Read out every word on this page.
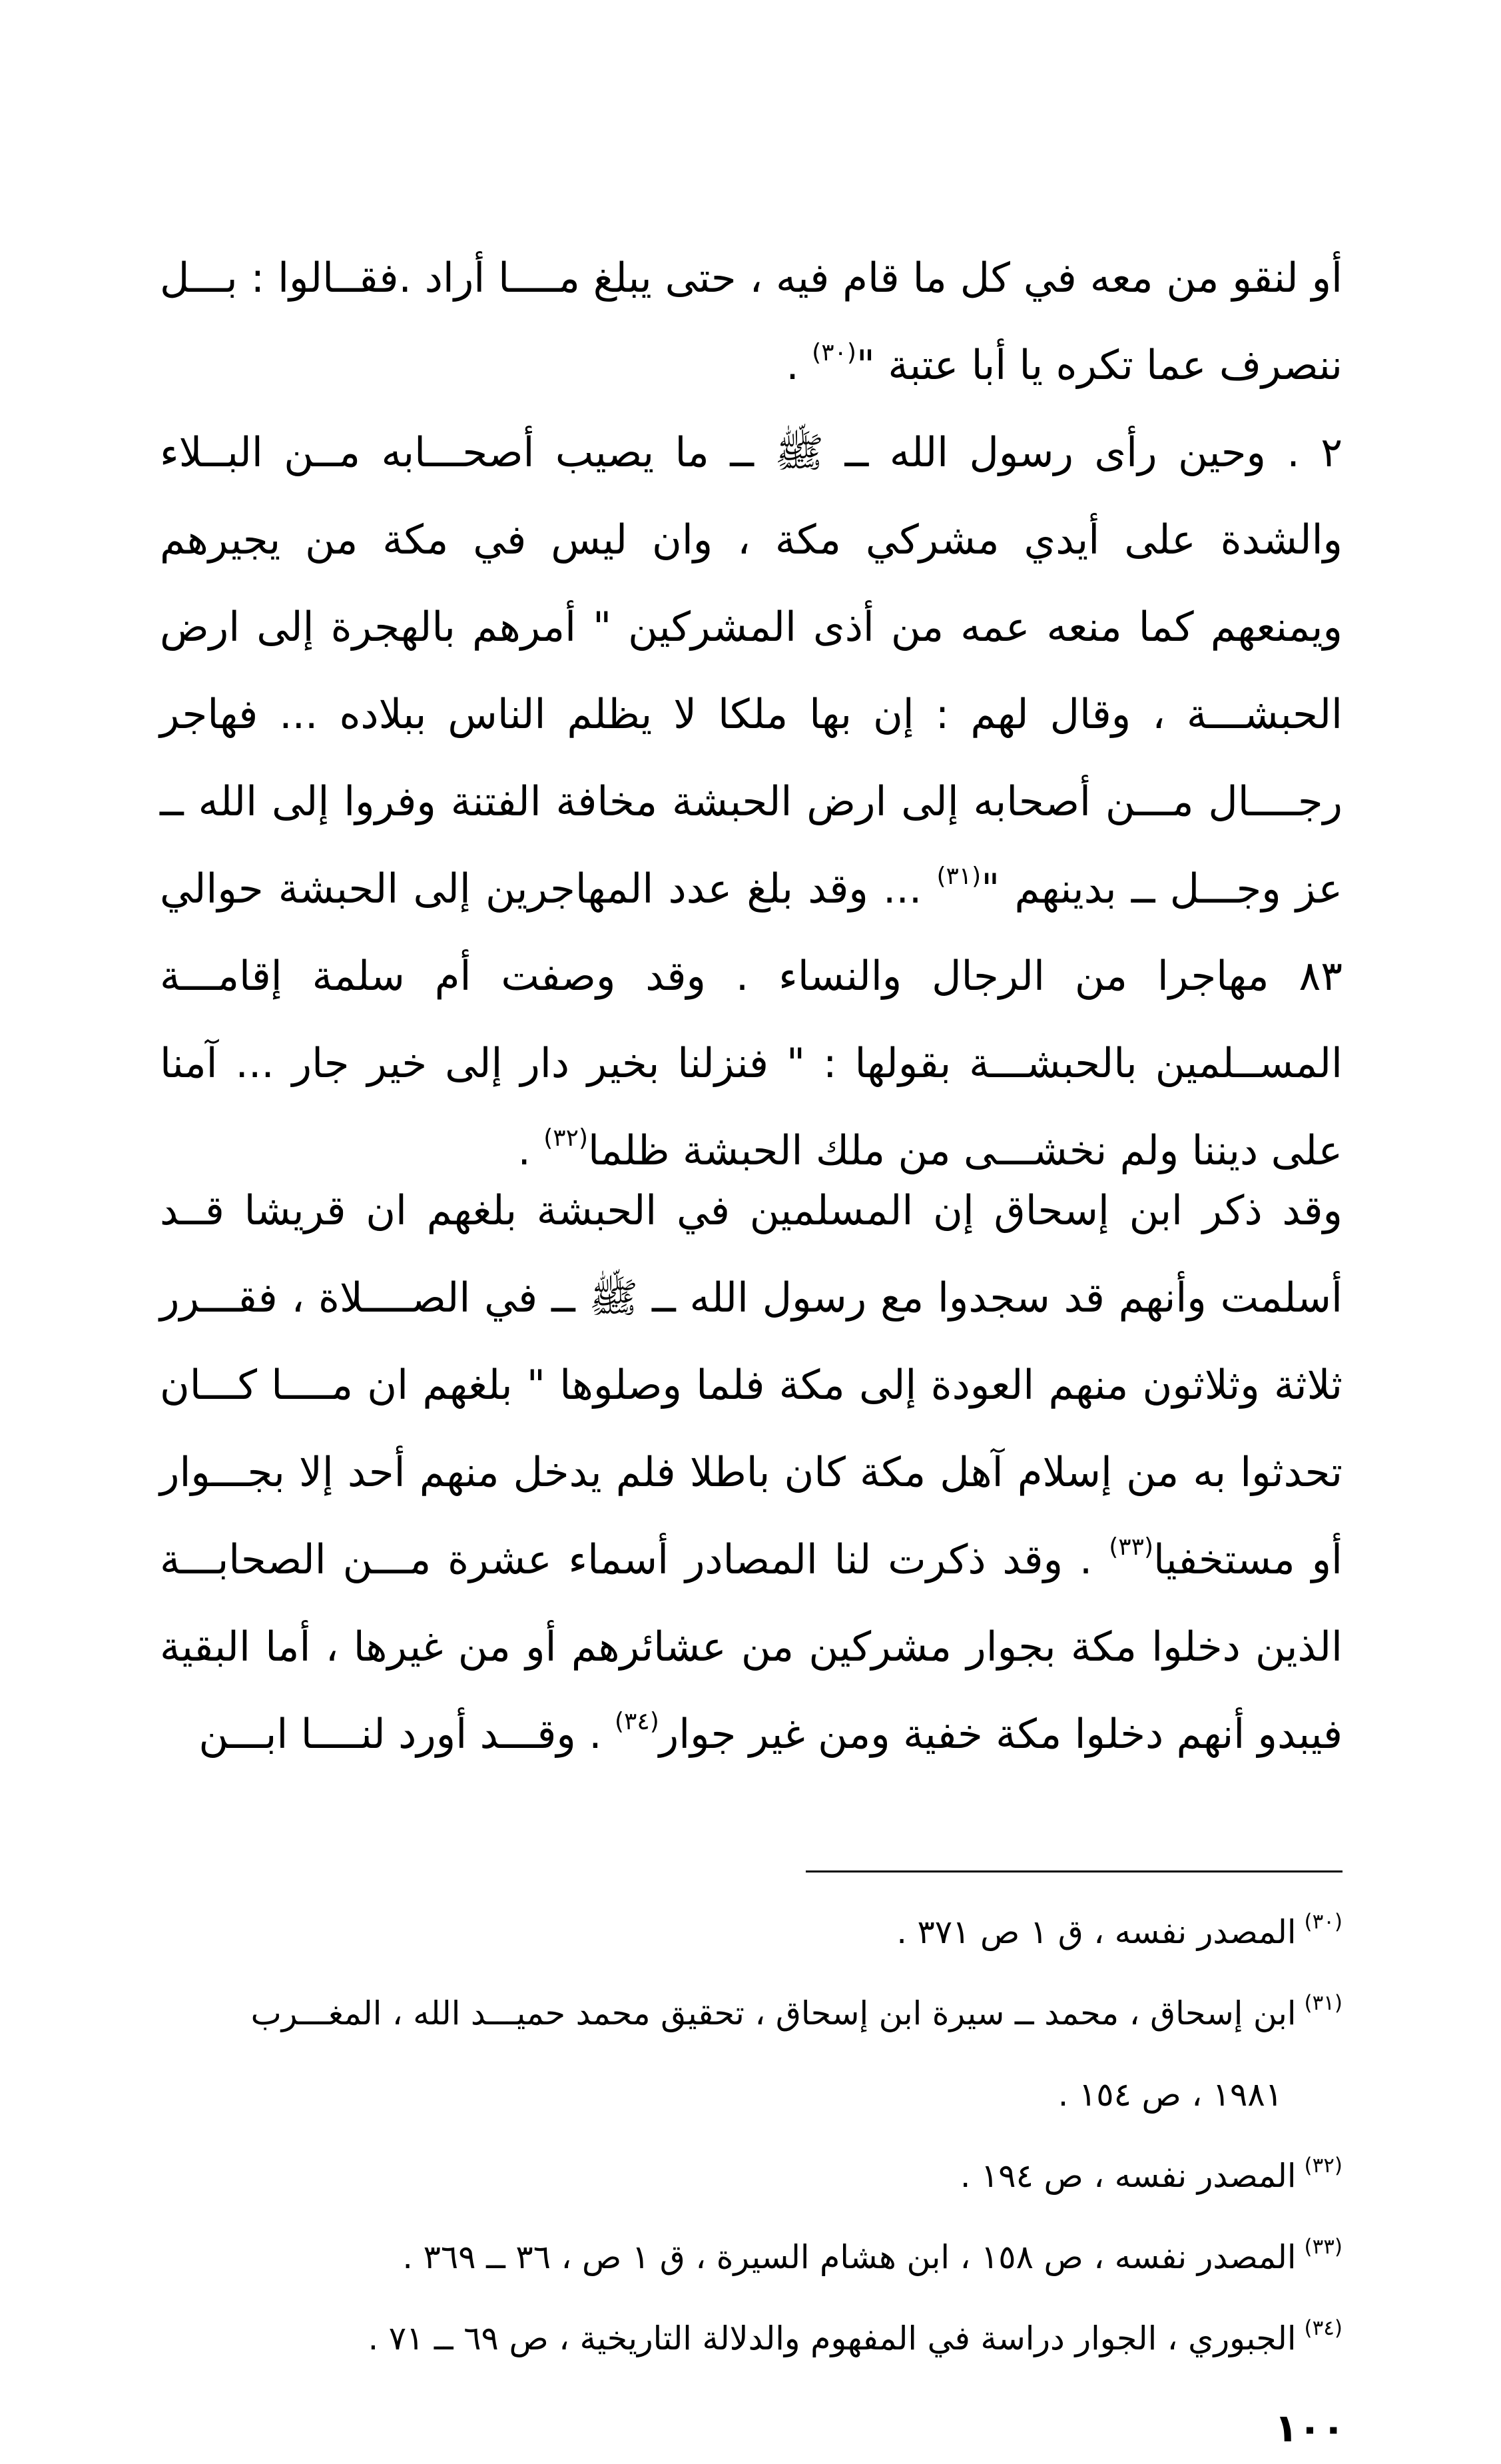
أو لنقو من معه في كل ما قام فيه ، حتى يبلغ مــــا أراد .فقــالوا : بـــل ننصرف عما تكره يا أبا عتبة "$^{(٣٠)}$ .

٢ . وحين رأى رسول الله ــ ﷺ ــ ما يصيب أصحـــابه مــن البــلاء والشدة على أيدي مشركي مكة ، وان ليس في مكة من يجيرهم ويمنعهم كما منعه عمه من أذى المشركين " أمرهم بالهجرة إلى ارض الحبشـــة ، وقال لهم : إن بها ملكا لا يظلم الناس ببلاده ... فهاجر رجــــال مـــن أصحابه إلى ارض الحبشة مخافة الفتنة وفروا إلى الله ــ عز وجـــل ــ بدينهم "$^{(٣١)}$ ... وقد بلغ عدد المهاجرين إلى الحبشة حوالي ٨٣ مهاجرا من الرجال والنساء . وقد وصفت أم سلمة إقامـــة المســلمين بالحبشـــة بقولها : " فنزلنا بخير دار إلى خير جار ... آمنا على ديننا ولم نخشـــى من ملك الحبشة ظلما$^{(٣٢)}$ .

وقد ذكر ابن إسحاق إن المسلمين في الحبشة بلغهم ان قريشا قــد أسلمت وأنهم قد سجدوا مع رسول الله ــ ﷺ ــ في الصــــلاة ، فقـــرر ثلاثة وثلاثون منهم العودة إلى مكة فلما وصلوها " بلغهم ان مــــا كـــان تحدثوا به من إسلام آهل مكة كان باطلا فلم يدخل منهم أحد إلا بجـــوار أو مستخفيا$^{(٣٣)}$ . وقد ذكرت لنا المصادر أسماء عشرة مـــن الصحابـــة الذين دخلوا مكة بجوار مشركين من عشائرهم أو من غيرها ، أما البقية فيبدو أنهم دخلوا مكة خفية ومن غير جوار$^{(٣٤)}$ . وقـــد أورد لنــــا ابـــن

$^{(٣٠)}$المصدر نفسه ، ق ١ ص ٣٧١ .

$^{(٣١)}$ابن إسحاق ، محمد ــ سيرة ابن إسحاق ، تحقيق محمد حميـــد الله ، المغـــرب
١٩٨١ ، ص ١٥٤ .

$^{(٣٢)}$المصدر نفسه ، ص ١٩٤ .

$^{(٣٣)}$المصدر نفسه ، ص ١٥٨ ، ابن هشام السيرة ، ق ١ ص ، ٣٦ ــ ٣٦٩ .

$^{(٣٤)}$الجبوري ، الجوار دراسة في المفهوم والدلالة التاريخية ، ص ٦٩ ــ ٧١ .

١٠٠
